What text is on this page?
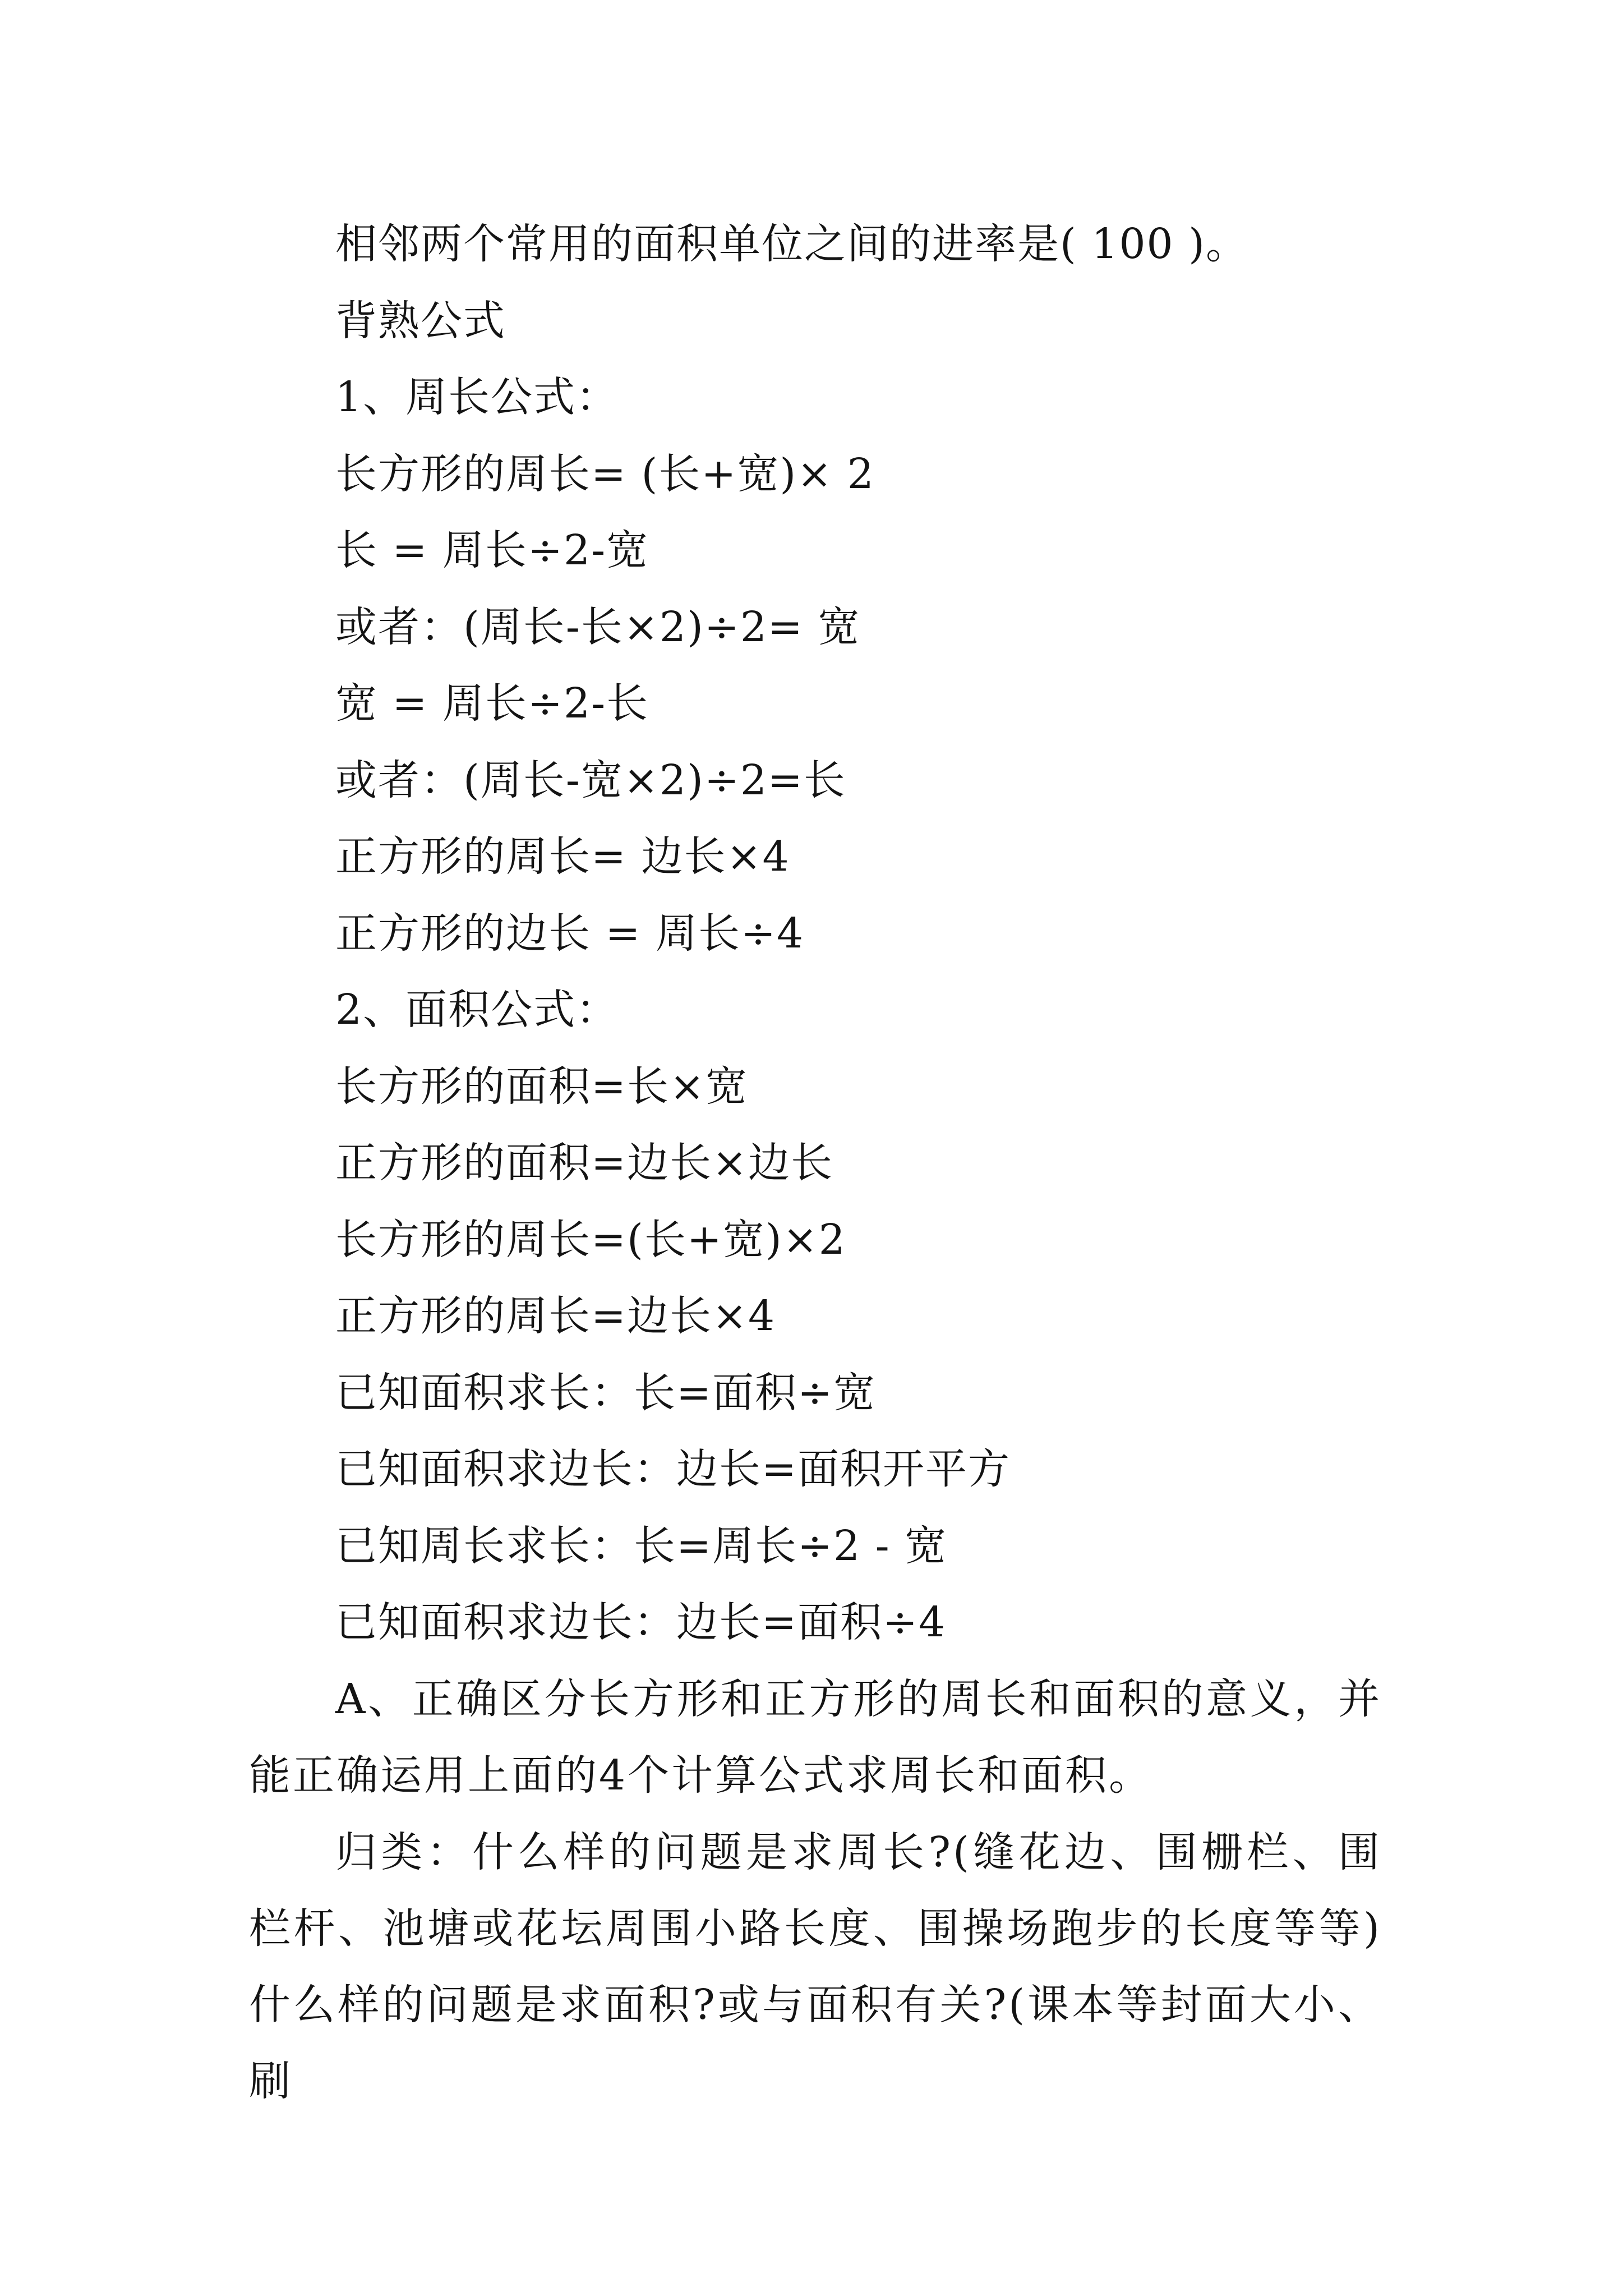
相邻两个常用的面积单位之间的进率是( 100 )。
背熟公式
1、周长公式：
长方形的周长= (长+宽)× 2
长 = 周长÷2-宽
或者：(周长-长×2)÷2= 宽
宽 = 周长÷2-长
或者：(周长-宽×2)÷2=长
正方形的周长= 边长×4
正方形的边长 = 周长÷4
2、面积公式：
长方形的面积=长×宽
正方形的面积=边长×边长
长方形的周长=(长+宽)×2
正方形的周长=边长×4
已知面积求长：长=面积÷宽
已知面积求边长：边长=面积开平方
已知周长求长：长=周长÷2 - 宽
已知面积求边长：边长=面积÷4

A、正确区分长方形和正方形的周长和面积的意义，并能正确运用上面的4个计算公式求周长和面积。

归类：什么样的问题是求周长?(缝花边、围栅栏、围栏杆、池塘或花坛周围小路长度、围操场跑步的长度等等)什么样的问题是求面积?或与面积有关?(课本等封面大小、刷
